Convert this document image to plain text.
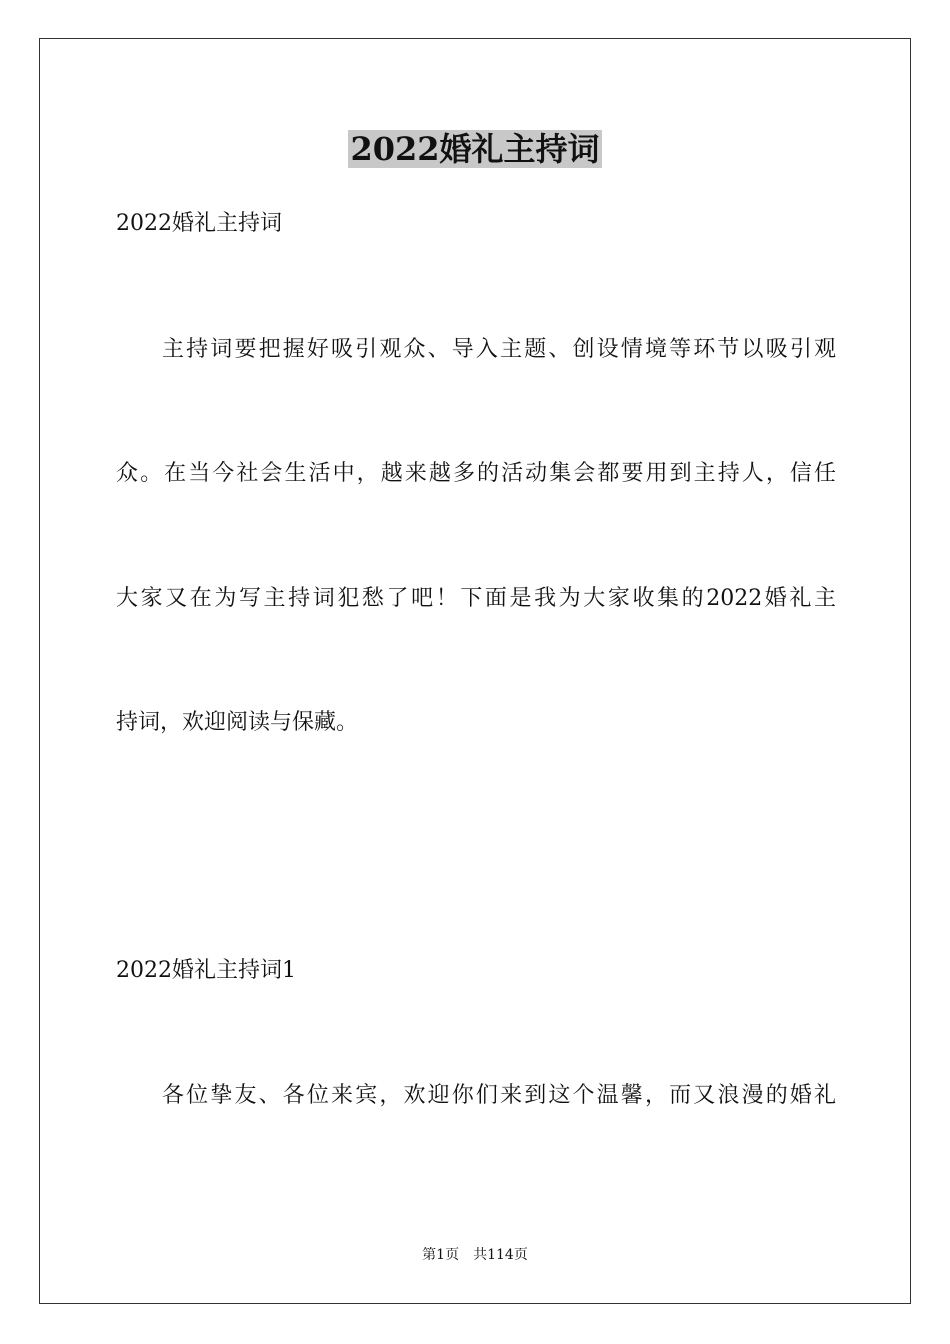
2022婚礼主持词
2022婚礼主持词
主持词要把握好吸引观众、导入主题、创设情境等环节以吸引观
众。在当今社会生活中，越来越多的活动集会都要用到主持人，信任
大家又在为写主持词犯愁了吧！下面是我为大家收集的2022婚礼主
持词，欢迎阅读与保藏。
2022婚礼主持词1
各位挚友、各位来宾，欢迎你们来到这个温馨，而又浪漫的婚礼
第1页 共114页
